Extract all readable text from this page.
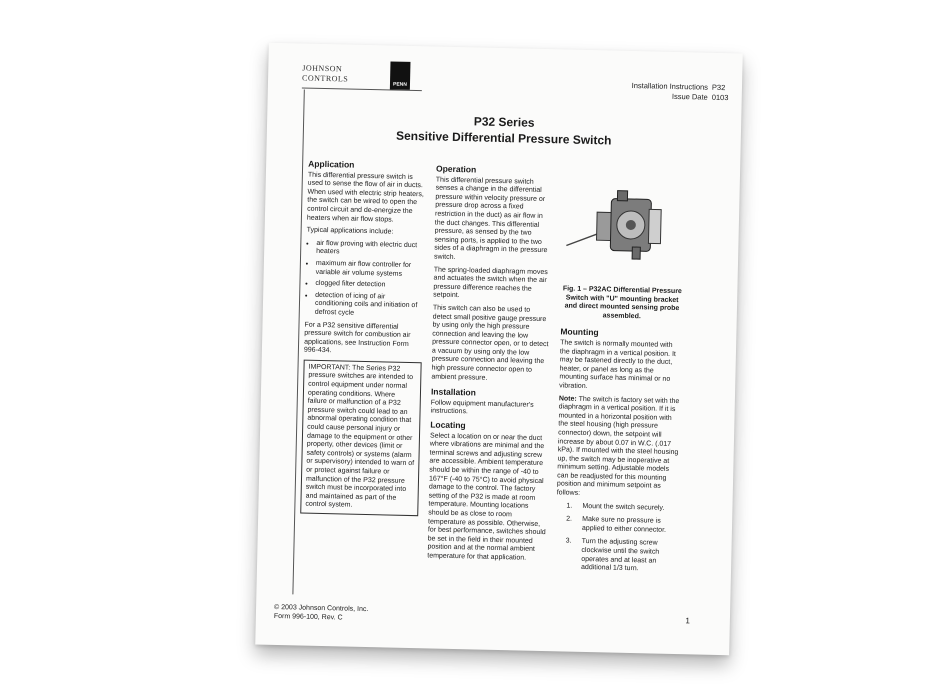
JOHNSON
CONTROLS
PENN	Installation Instructions P32
Issue Date 0103
P32 Series
Sensitive Differential Pressure Switch
Application

This differential pressure switch is used to sense the flow of air in ducts. When used with electric strip heaters, the switch can be wired to open the control circuit and de-energize the heaters when air flow stops.

Typical applications include:

• air flow proving with electric duct heaters
• maximum air flow controller for variable air volume systems
• clogged filter detection
• detection of icing of air conditioning coils and initiation of defrost cycle

For a P32 sensitive differential pressure switch for combustion air applications, see Instruction Form 996-434.

IMPORTANT: The Series P32 pressure switches are intended to control equipment under normal operating conditions. Where failure or malfunction of a P32 pressure switch could lead to an abnormal operating condition that could cause personal injury or damage to the equipment or other property, other devices (limit or safety controls) or systems (alarm or supervisory) intended to warn of or protect against failure or malfunction of the P32 pressure switch must be incorporated into and maintained as part of the control system.
Operation

This differential pressure switch senses a change in the differential pressure within velocity pressure or pressure drop across a fixed restriction in the duct) as air flow in the duct changes. This differential pressure, as sensed by the two sensing ports, is applied to the two sides of a diaphragm in the pressure switch.

The spring-loaded diaphragm moves and actuates the switch when the air pressure difference reaches the setpoint.

This switch can also be used to detect small positive gauge pressure by using only the high pressure connection and leaving the low pressure connector open, or to detect a vacuum by using only the low pressure connection and leaving the high pressure connector open to ambient pressure.

Installation

Follow equipment manufacturer's instructions.

Locating

Select a location on or near the duct where vibrations are minimal and the terminal screws and adjusting screw are accessible. Ambient temperature should be within the range of -40 to 167°F (-40 to 75°C) to avoid physical damage to the control. The factory setting of the P32 is made at room temperature. Mounting locations should be as close to room temperature as possible. Otherwise, for best performance, switches should be set in the field in their mounted position and at the normal ambient temperature for that application.

Fig. 1 – P32AC Differential Pressure Switch with "U" mounting bracket and direct mounted sensing probe assembled.

Mounting

The switch is normally mounted with the diaphragm in a vertical position. It may be fastened directly to the duct, heater, or panel as long as the mounting surface has minimal or no vibration.

Note: The switch is factory set with the diaphragm in a vertical position. If it is mounted in a horizontal position with the steel housing (high pressure connector) down, the setpoint will increase by about 0.07 in W.C. (.017 kPa). If mounted with the steel housing up, the switch may be inoperative at minimum setting. Adjustable models can be readjusted for this mounting position and minimum setpoint as follows:

1.	Mount the switch securely.
2.	Make sure no pressure is applied to either connector.
3.	Turn the adjusting screw clockwise until the switch operates and at least an additional 1/3 turn.
© 2003 Johnson Controls, Inc.
Form 996-100, Rev. C	1
